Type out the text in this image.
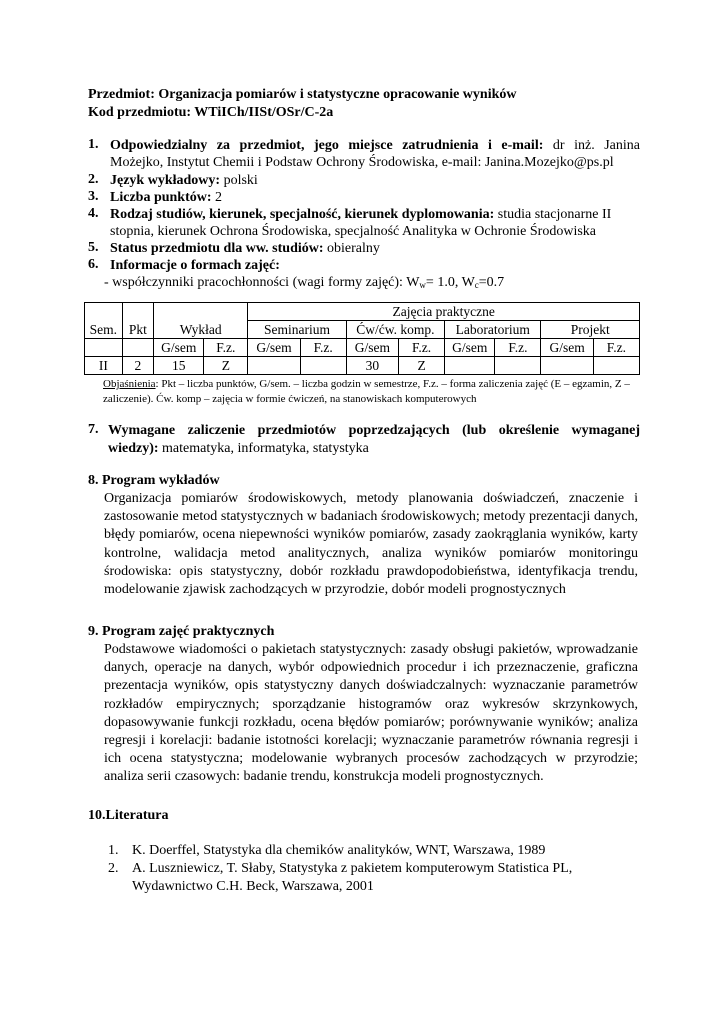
Przedmiot: Organizacja pomiarów i statystyczne opracowanie wyników
Kod przedmiotu: WTiICh/IISt/OSr/C-2a
1. Odpowiedzialny za przedmiot, jego miejsce zatrudnienia i e-mail: dr inż. Janina
Możejko, Instytut Chemii i Podstaw Ochrony Środowiska, e-mail: Janina.Mozejko@ps.pl
2. Język wykładowy: polski
3. Liczba punktów: 2
4. Rodzaj studiów, kierunek, specjalność, kierunek dyplomowania: studia stacjonarne II
stopnia, kierunek Ochrona Środowiska, specjalność Analityka w Ochronie Środowiska
5. Status przedmiotu dla ww. studiów: obieralny
6. Informacje o formach zajęć:
- współczynniki pracochłonności (wagi formy zajęć): $W_w= 1.0$, $W_c=0.7$
Sem.	Pkt	Wykład		Zajęcia praktyczne							
				Seminarium		Ćw/ćw. komp.		Laboratorium		Projekt	
		G/sem	F.z.	G/sem	F.z.	G/sem	F.z.	G/sem	F.z.	G/sem	F.z.
II	2	15	Z			30	Z				
Objaśnienia: Pkt – liczba punktów, G/sem. – liczba godzin w semestrze, F.z. – forma zaliczenia zajęć (E – egzamin, Z – zaliczenie). Ćw. komp – zajęcia w formie ćwiczeń, na stanowiskach komputerowych
7. Wymagane zaliczenie przedmiotów poprzedzających (lub określenie wymaganej
wiedzy): matematyka, informatyka, statystyka
8. Program wykładów
Organizacja pomiarów środowiskowych, metody planowania doświadczeń, znaczenie i zastosowanie metod statystycznych w badaniach środowiskowych; metody prezentacji danych, błędy pomiarów, ocena niepewności wyników pomiarów, zasady zaokrąglania wyników, karty kontrolne, walidacja metod analitycznych, analiza wyników pomiarów monitoringu środowiska: opis statystyczny, dobór rozkładu prawdopodobieństwa, identyfikacja trendu, modelowanie zjawisk zachodzących w przyrodzie, dobór modeli prognostycznych
9. Program zajęć praktycznych
Podstawowe wiadomości o pakietach statystycznych: zasady obsługi pakietów, wprowadzanie danych, operacje na danych, wybór odpowiednich procedur i ich przeznaczenie, graficzna prezentacja wyników, opis statystyczny danych doświadczalnych: wyznaczanie parametrów rozkładów empirycznych; sporządzanie histogramów oraz wykresów skrzynkowych, dopasowywanie funkcji rozkładu, ocena błędów pomiarów; porównywanie wyników; analiza regresji i korelacji: badanie istotności korelacji; wyznaczanie parametrów równania regresji i ich ocena statystyczna; modelowanie wybranych procesów zachodzących w przyrodzie; analiza serii czasowych: badanie trendu, konstrukcja modeli prognostycznych.
10.Literatura
1. K. Doerffel, Statystyka dla chemików analityków, WNT, Warszawa, 1989
2. A. Luszniewicz, T. Słaby, Statystyka z pakietem komputerowym Statistica PL,
Wydawnictwo C.H. Beck, Warszawa, 2001
